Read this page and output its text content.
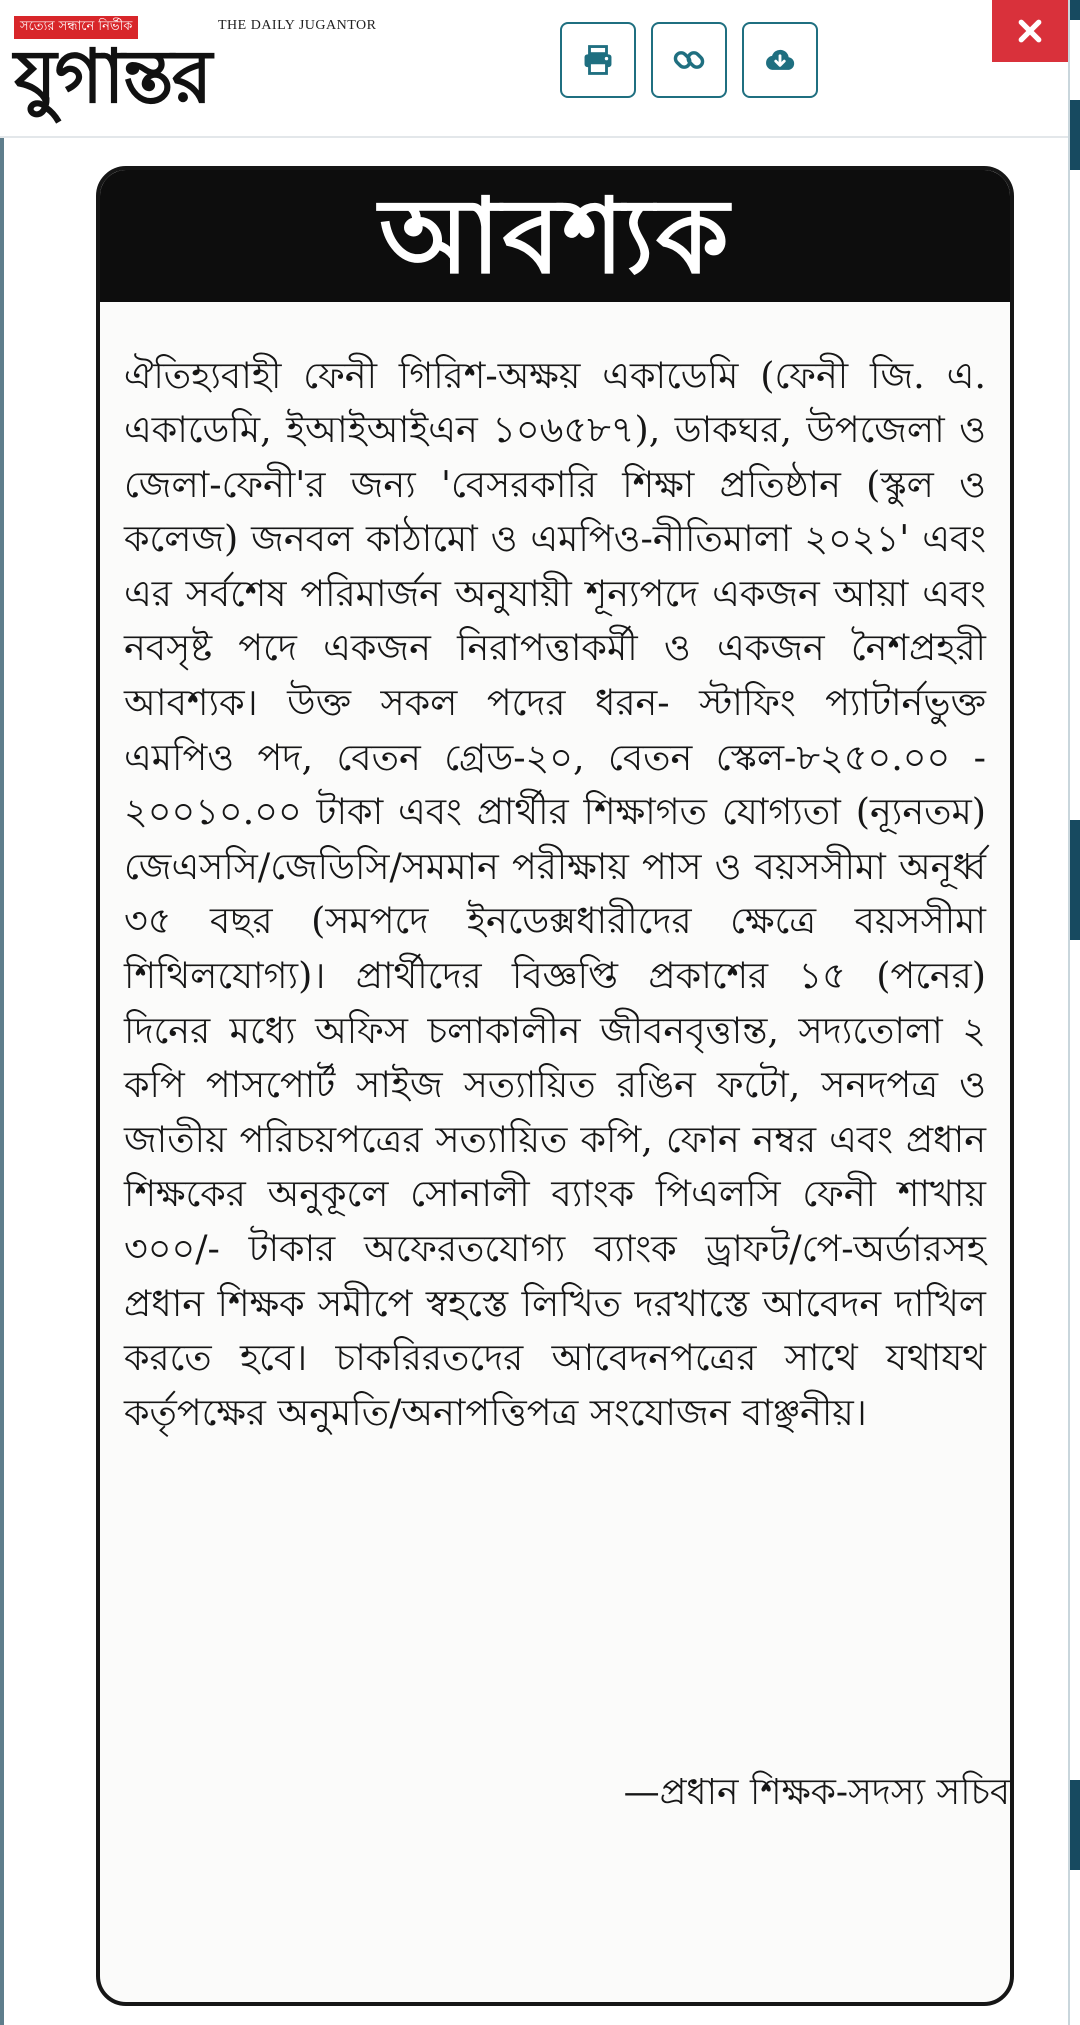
সত্যের সন্ধানে নির্ভীক	THE DAILY JUGANTOR
যুগান্তর
আবশ্যক

ঐতিহ্যবাহী ফেনী গিরিশ-অক্ষয় একাডেমি (ফেনী জি. এ. একাডেমি, ইআইআইএন ১০৬৫৮৭), ডাকঘর, উপজেলা ও জেলা-ফেনী'র জন্য 'বেসরকারি শিক্ষা প্রতিষ্ঠান (স্কুল ও কলেজ) জনবল কাঠামো ও এমপিও-নীতিমালা ২০২১' এবং এর সর্বশেষ পরিমার্জন অনুযায়ী শূন্যপদে একজন আয়া এবং নবসৃষ্ট পদে একজন নিরাপত্তাকর্মী ও একজন নৈশপ্রহরী আবশ্যক। উক্ত সকল পদের ধরন- স্টাফিং প্যাটার্নভুক্ত এমপিও পদ, বেতন গ্রেড-২০, বেতন স্কেল-৮২৫০.০০ - ২০০১০.০০ টাকা এবং প্রার্থীর শিক্ষাগত যোগ্যতা (ন্যূনতম) জেএসসি/জেডিসি/সমমান পরীক্ষায় পাস ও বয়সসীমা অনূর্ধ্ব ৩৫ বছর (সমপদে ইনডেক্সধারীদের ক্ষেত্রে বয়সসীমা শিথিলযোগ্য)। প্রার্থীদের বিজ্ঞপ্তি প্রকাশের ১৫ (পনের) দিনের মধ্যে অফিস চলাকালীন জীবনবৃত্তান্ত, সদ্যতোলা ২ কপি পাসপোর্ট সাইজ সত্যায়িত রঙিন ফটো, সনদপত্র ও জাতীয় পরিচয়পত্রের সত্যায়িত কপি, ফোন নম্বর এবং প্রধান শিক্ষকের অনুকূলে সোনালী ব্যাংক পিএলসি ফেনী শাখায় ৩০০/- টাকার অফেরতযোগ্য ব্যাংক ড্রাফট/পে-অর্ডারসহ প্রধান শিক্ষক সমীপে স্বহস্তে লিখিত দরখাস্তে আবেদন দাখিল করতে হবে। চাকরিরতদের আবেদনপত্রের সাথে যথাযথ কর্তৃপক্ষের অনুমতি/অনাপত্তিপত্র সংযোজন বাঞ্ছনীয়।

—প্রধান শিক্ষক-সদস্য সচিব
